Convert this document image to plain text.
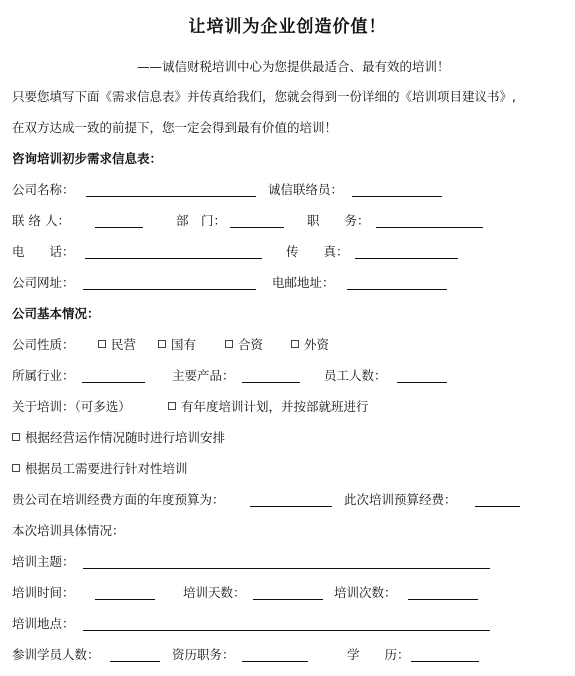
让培训为企业创造价值！
——诚信财税培训中心为您提供最适合、最有效的培训！
只要您填写下面《需求信息表》并传真给我们，您就会得到一份详细的《培训项目建议书》,
在双方达成一致的前提下，您一定会得到最有价值的培训！
咨询培训初步需求信息表：
公司名称：	诚信联络员：
联 络 人：	部　门：	职　　务：
电　　话：	传　　真：
公司网址：	电邮地址：
公司基本情况：
公司性质：	民营	国有	合资	外资
所属行业：	主要产品：	员工人数：
关于培训：（可多选）	有年度培训计划，并按部就班进行
根据经营运作情况随时进行培训安排
根据员工需要进行针对性培训
贵公司在培训经费方面的年度预算为：	此次培训预算经费：
本次培训具体情况：
培训主题：
培训时间：	培训天数：	培训次数：
培训地点：
参训学员人数：	资历职务：	学　　历：
